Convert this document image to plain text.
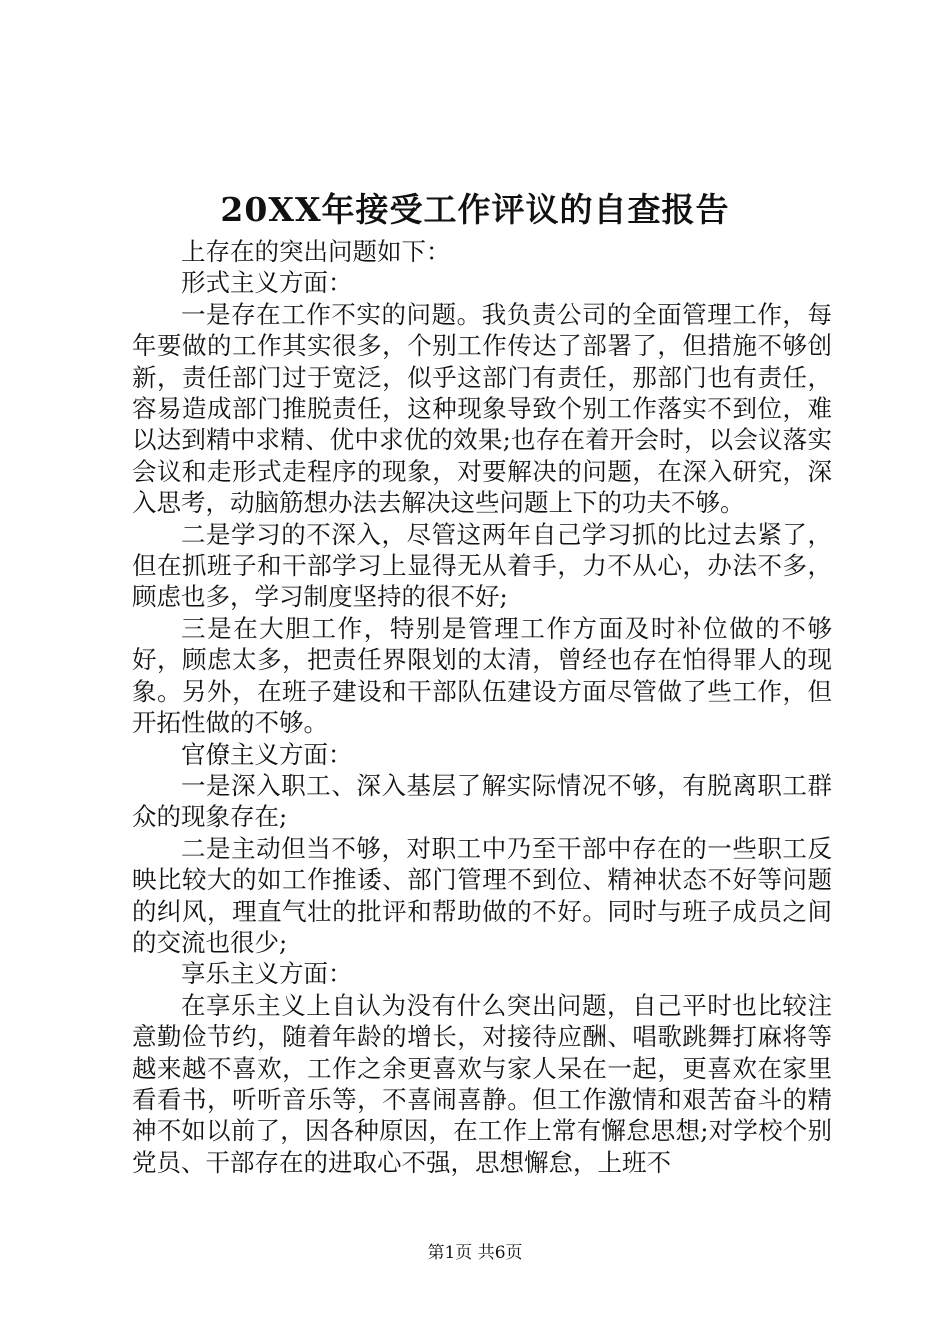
20XX年接受工作评议的自查报告

上存在的突出问题如下：

形式主义方面：

一是存在工作不实的问题。我负责公司的全面管理工作，每年要做的工作其实很多，个别工作传达了部署了，但措施不够创新，责任部门过于宽泛，似乎这部门有责任，那部门也有责任，容易造成部门推脱责任，这种现象导致个别工作落实不到位，难以达到精中求精、优中求优的效果;也存在着开会时，以会议落实会议和走形式走程序的现象，对要解决的问题，在深入研究，深入思考，动脑筋想办法去解决这些问题上下的功夫不够。

二是学习的不深入，尽管这两年自己学习抓的比过去紧了，但在抓班子和干部学习上显得无从着手，力不从心，办法不多，顾虑也多，学习制度坚持的很不好;

三是在大胆工作，特别是管理工作方面及时补位做的不够好，顾虑太多，把责任界限划的太清，曾经也存在怕得罪人的现象。另外，在班子建设和干部队伍建设方面尽管做了些工作，但开拓性做的不够。

官僚主义方面：

一是深入职工、深入基层了解实际情况不够，有脱离职工群众的现象存在;

二是主动但当不够，对职工中乃至干部中存在的一些职工反映比较大的如工作推诿、部门管理不到位、精神状态不好等问题的纠风，理直气壮的批评和帮助做的不好。同时与班子成员之间的交流也很少;

享乐主义方面：

在享乐主义上自认为没有什么突出问题，自己平时也比较注意勤俭节约，随着年龄的增长，对接待应酬、唱歌跳舞打麻将等越来越不喜欢，工作之余更喜欢与家人呆在一起，更喜欢在家里看看书，听听音乐等，不喜闹喜静。但工作激情和艰苦奋斗的精神不如以前了，因各种原因，在工作上常有懈怠思想;对学校个别党员、干部存在的进取心不强，思想懈怠，上班不

第1页 共6页
